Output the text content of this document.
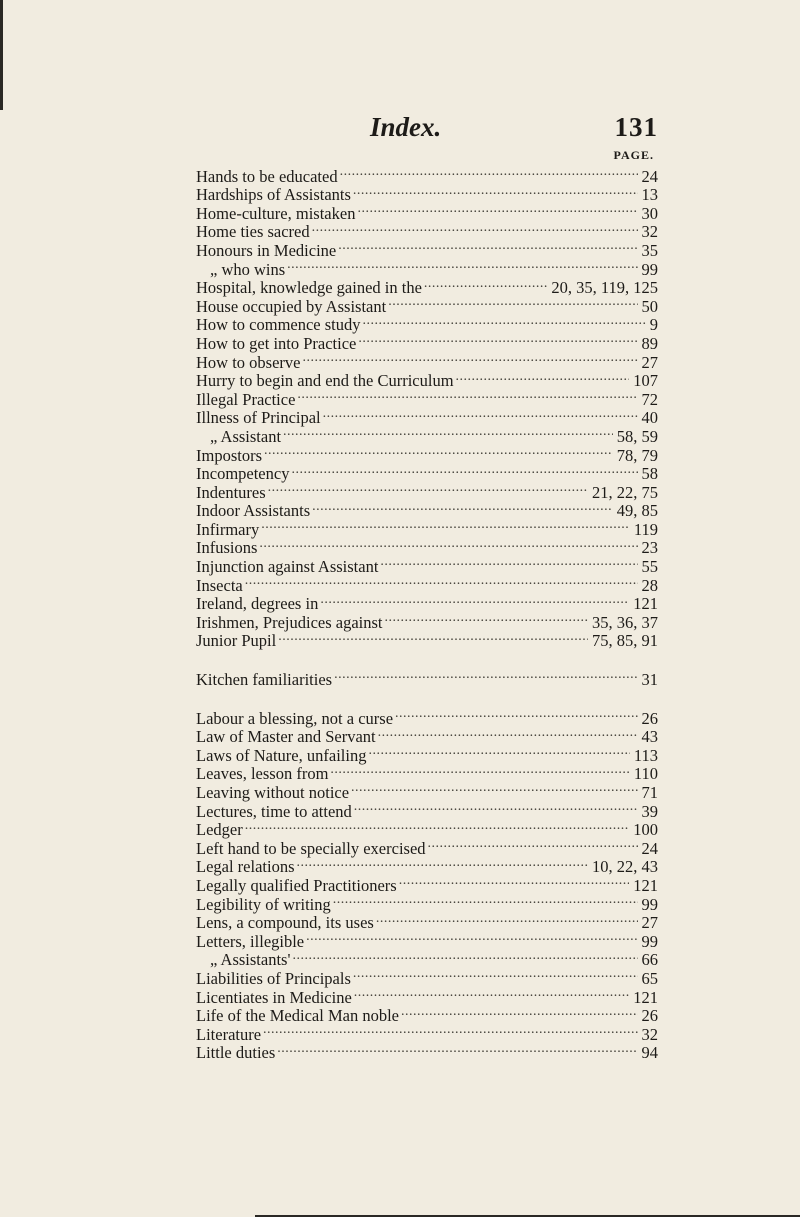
Index.	131
PAGE.
Hands to be educated .....	24
Hardships of Assistants .....	13
Home-culture, mistaken .....	30
Home ties sacred .....	32
Honours in Medicine .....	35
„ who wins .....	99
Hospital, knowledge gained in the .....	20, 35, 119, 125
House occupied by Assistant .....	50
How to commence study .....	9
How to get into Practice .....	89
How to observe .....	27
Hurry to begin and end the Curriculum .....	107
Illegal Practice .....	72
Illness of Principal .....	40
„ Assistant .....	58, 59
Impostors .....	78, 79
Incompetency .....	58
Indentures .....	21, 22, 75
Indoor Assistants .....	49, 85
Infirmary .....	119
Infusions .....	23
Injunction against Assistant .....	55
Insecta .....	28
Ireland, degrees in .....	121
Irishmen, Prejudices against .....	35, 36, 37
Junior Pupil .....	75, 85, 91
Kitchen familiarities .....	31
Labour a blessing, not a curse .....	26
Law of Master and Servant .....	43
Laws of Nature, unfailing .....	113
Leaves, lesson from .....	110
Leaving without notice .....	71
Lectures, time to attend .....	39
Ledger .....	100
Left hand to be specially exercised .....	24
Legal relations .....	10, 22, 43
Legally qualified Practitioners .....	121
Legibility of writing .....	99
Lens, a compound, its uses .....	27
Letters, illegible .....	99
„ Assistants' .....	66
Liabilities of Principals .....	65
Licentiates in Medicine .....	121
Life of the Medical Man noble .....	26
Literature .....	32
Little duties .....	94
